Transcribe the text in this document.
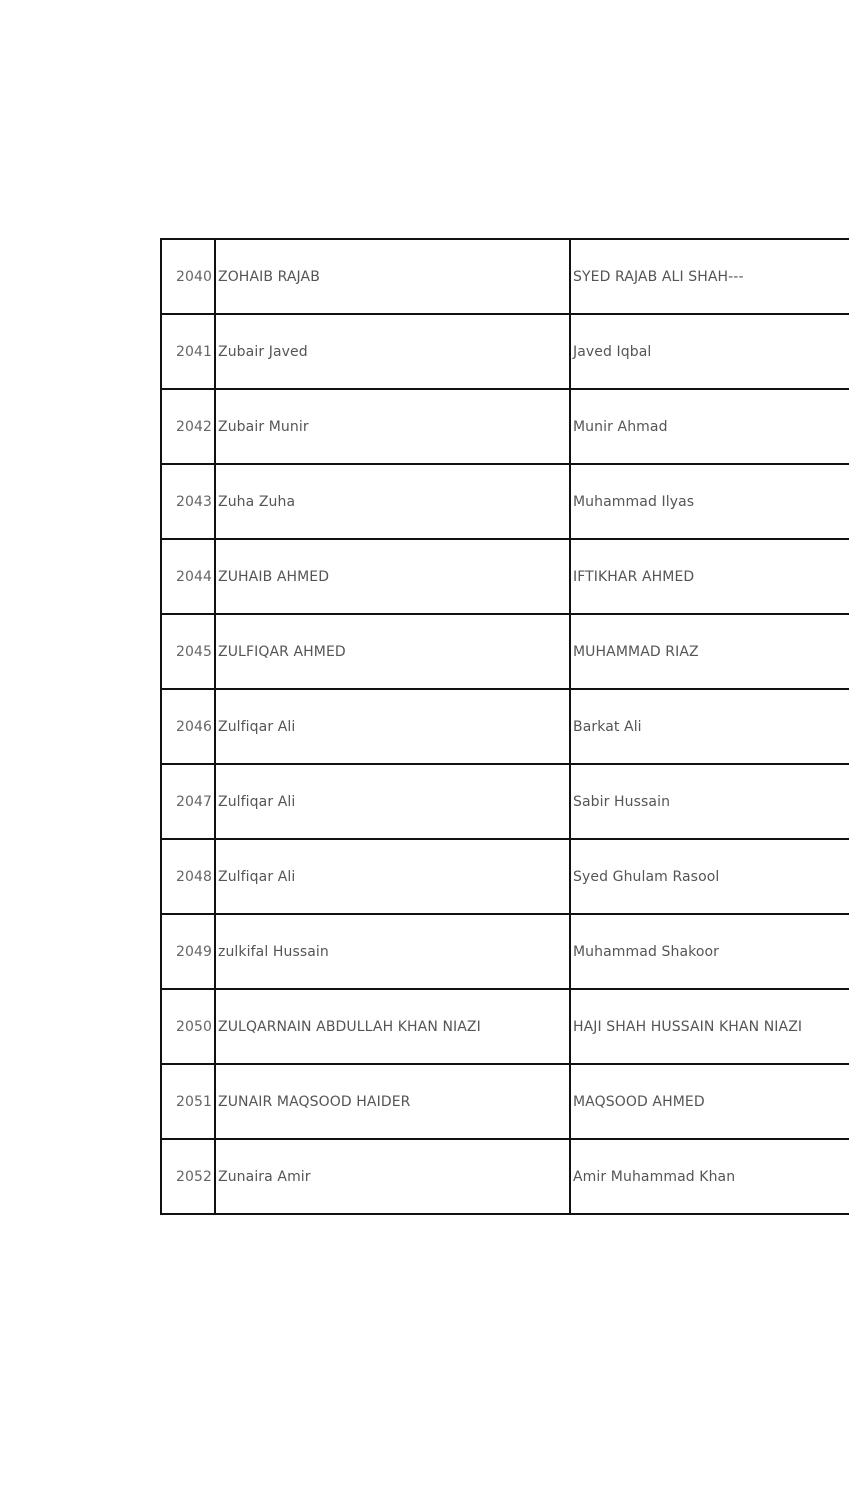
2040	ZOHAIB RAJAB	SYED RAJAB ALI SHAH---
2041	Zubair Javed	Javed Iqbal
2042	Zubair Munir	Munir Ahmad
2043	Zuha Zuha	Muhammad Ilyas
2044	ZUHAIB AHMED	IFTIKHAR AHMED
2045	ZULFIQAR AHMED	MUHAMMAD RIAZ
2046	Zulfiqar Ali	Barkat Ali
2047	Zulfiqar Ali	Sabir Hussain
2048	Zulfiqar Ali	Syed Ghulam Rasool
2049	zulkifal Hussain	Muhammad Shakoor
2050	ZULQARNAIN ABDULLAH KHAN NIAZI	HAJI SHAH HUSSAIN KHAN NIAZI
2051	ZUNAIR MAQSOOD HAIDER	MAQSOOD AHMED
2052	Zunaira Amir	Amir Muhammad Khan
